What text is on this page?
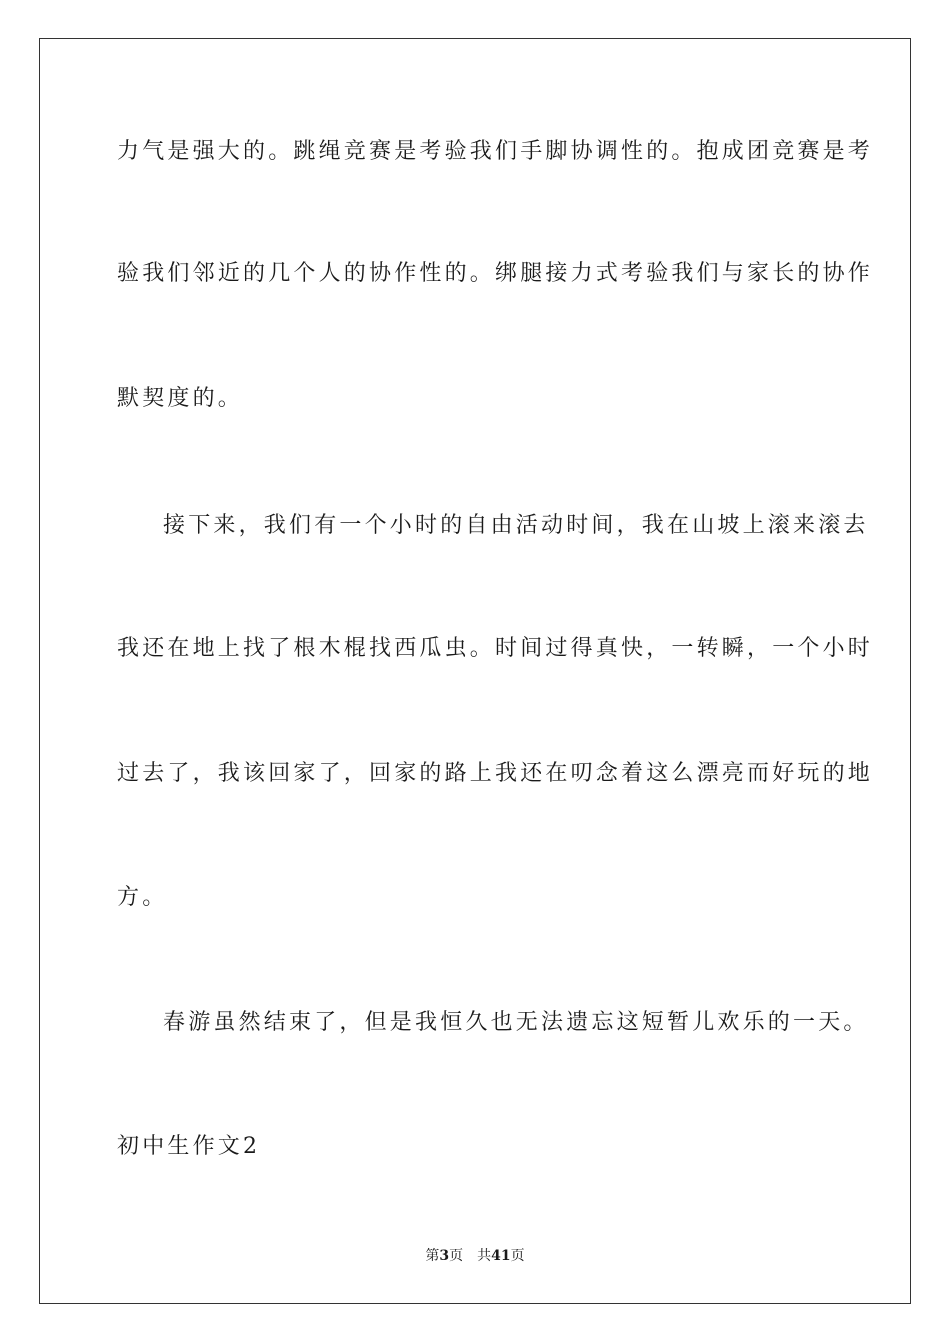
力气是强大的。跳绳竞赛是考验我们手脚协调性的。抱成团竞赛是考
验我们邻近的几个人的协作性的。绑腿接力式考验我们与家长的协作
默契度的。
接下来，我们有一个小时的自由活动时间，我在山坡上滚来滚去
我还在地上找了根木棍找西瓜虫。时间过得真快，一转瞬，一个小时
过去了，我该回家了，回家的路上我还在叨念着这么漂亮而好玩的地
方。
春游虽然结束了，但是我恒久也无法遗忘这短暂儿欢乐的一天。
初中生作文2
第3页 共41页
